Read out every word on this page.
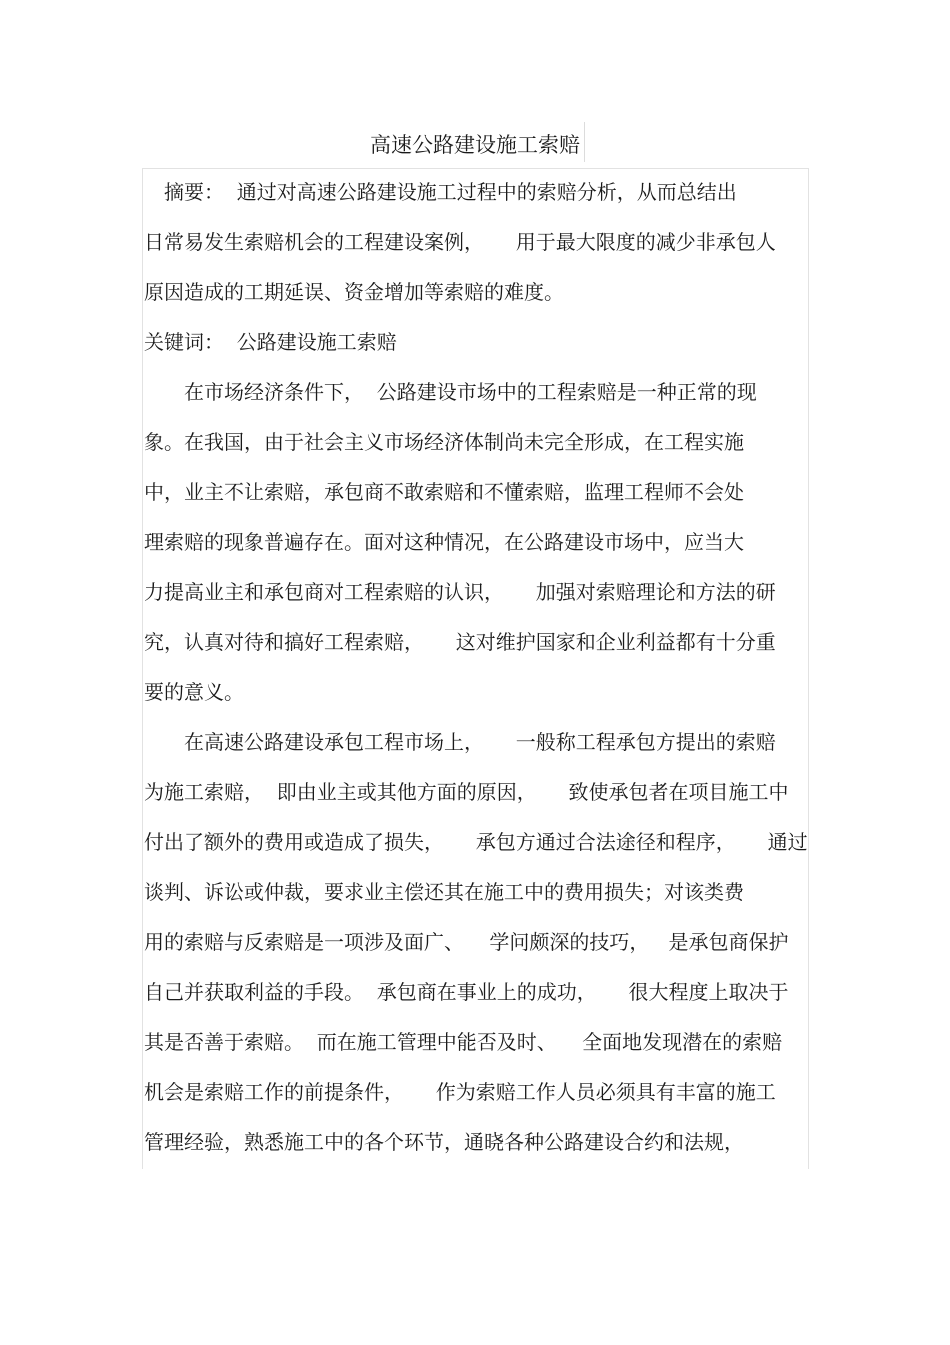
高速公路建设施工索赔
　摘要：  通过对高速公路建设施工过程中的索赔分析，从而总结出
日常易发生索赔机会的工程建设案例，     用于最大限度的减少非承包人
原因造成的工期延误、资金增加等索赔的难度。
关键词：  公路建设施工索赔
　　在市场经济条件下，  公路建设市场中的工程索赔是一种正常的现
象。在我国，由于社会主义市场经济体制尚未完全形成，在工程实施
中，业主不让索赔，承包商不敢索赔和不懂索赔，监理工程师不会处
理索赔的现象普遍存在。面对这种情况，在公路建设市场中，应当大
力提高业主和承包商对工程索赔的认识，     加强对索赔理论和方法的研
究，认真对待和搞好工程索赔，     这对维护国家和企业利益都有十分重
要的意义。
　　在高速公路建设承包工程市场上，     一般称工程承包方提出的索赔
为施工索赔，  即由业主或其他方面的原因，     致使承包者在项目施工中
付出了额外的费用或造成了损失，     承包方通过合法途径和程序，     通过
谈判、诉讼或仲裁，要求业主偿还其在施工中的费用损失；对该类费
用的索赔与反索赔是一项涉及面广、    学问颇深的技巧，   是承包商保护
自己并获取利益的手段。  承包商在事业上的成功，     很大程度上取决于
其是否善于索赔。  而在施工管理中能否及时、    全面地发现潜在的索赔
机会是索赔工作的前提条件，     作为索赔工作人员必须具有丰富的施工
管理经验，熟悉施工中的各个环节，通晓各种公路建设合约和法规，
